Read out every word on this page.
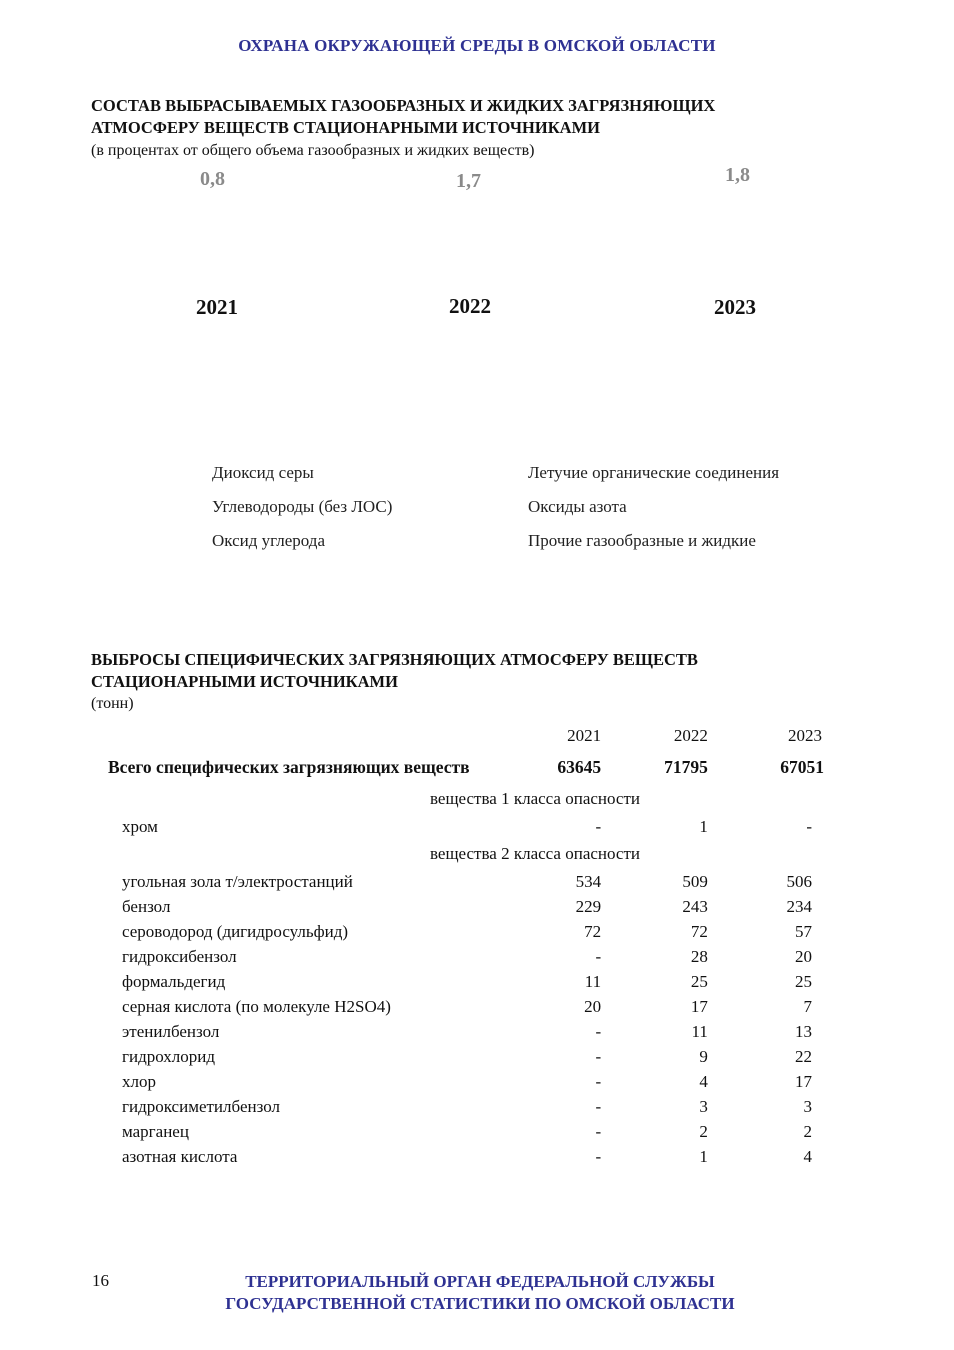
ОХРАНА ОКРУЖАЮЩЕЙ СРЕДЫ В ОМСКОЙ ОБЛАСТИ
СОСТАВ ВЫБРАСЫВАЕМЫХ ГАЗООБРАЗНЫХ И ЖИДКИХ ЗАГРЯЗНЯЮЩИХ
АТМОСФЕРУ ВЕЩЕСТВ СТАЦИОНАРНЫМИ ИСТОЧНИКАМИ
(в процентах от общего объема газообразных и жидких веществ)
0,8	1,7	1,8
2021	2022	2023
Диоксид серы	Летучие органические соединения
Углеводороды (без ЛОС)	Оксиды азота
Оксид углерода	Прочие газообразные и жидкие
ВЫБРОСЫ СПЕЦИФИЧЕСКИХ ЗАГРЯЗНЯЮЩИХ АТМОСФЕРУ ВЕЩЕСТВ
СТАЦИОНАРНЫМИ ИСТОЧНИКАМИ
(тонн)
	2021	2022	2023
Всего специфических загрязняющих веществ	63645	71795	67051
вещества 1 класса опасности			
хром	-	1	-
вещества 2 класса опасности			
угольная зола т/электростанций	534	509	506
бензол	229	243	234
сероводород (дигидросульфид)	72	72	57
гидроксибензол	-	28	20
формальдегид	11	25	25
серная кислота (по молекуле H2SO4)	20	17	7
этенилбензол	-	11	13
гидрохлорид	-	9	22
хлор	-	4	17
гидроксиметилбензол	-	3	3
марганец	-	2	2
азотная кислота	-	1	4
16	ТЕРРИТОРИАЛЬНЫЙ ОРГАН ФЕДЕРАЛЬНОЙ СЛУЖБЫ
ГОСУДАРСТВЕННОЙ СТАТИСТИКИ ПО ОМСКОЙ ОБЛАСТИ
